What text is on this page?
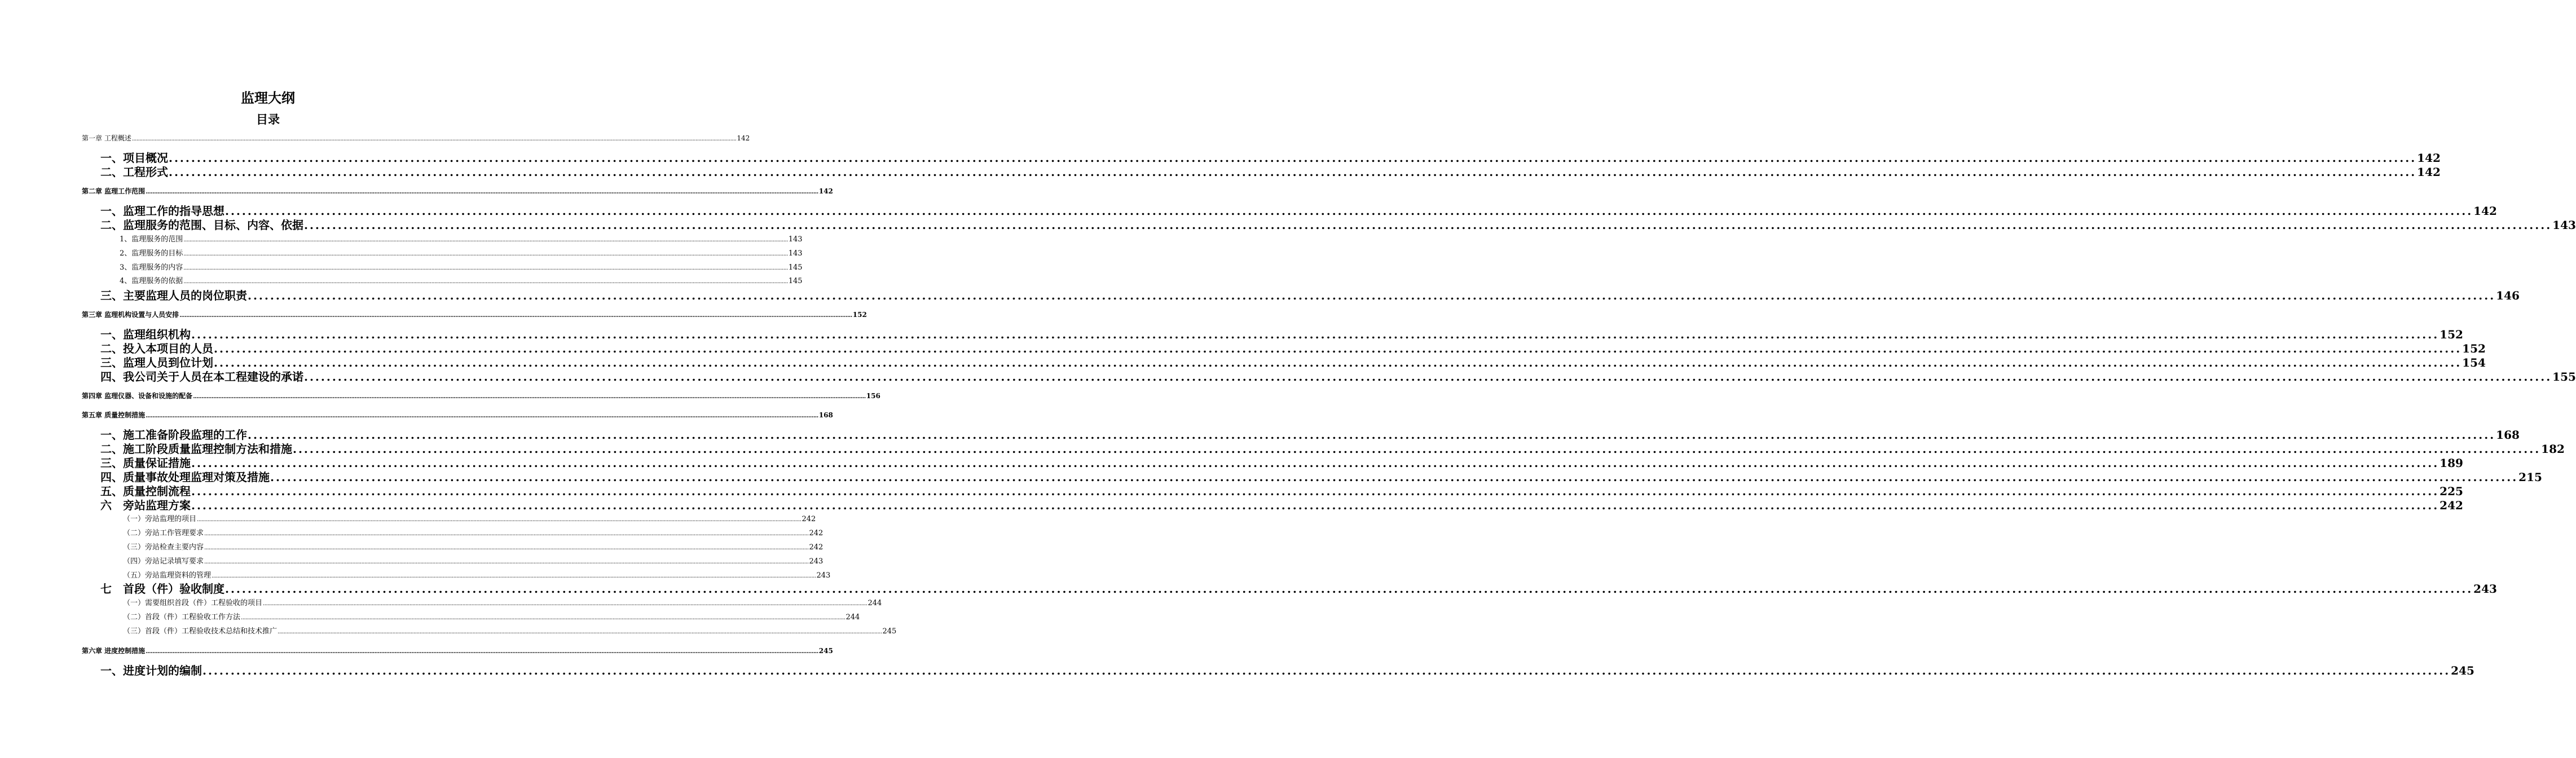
监理大纲
目录
第一章 工程概述 ................................................................................................................................................................................................................................................................................................................................................................................................................ 142
一、项目概况 ................................................................................................................................................................................................................................................................................................................................................................................................................ 142
二、工程形式 ................................................................................................................................................................................................................................................................................................................................................................................................................ 142
第二章 监理工作范围 ................................................................................................................................................................................................................................................................................................................................................................................................................ 142
一、监理工作的指导思想 ................................................................................................................................................................................................................................................................................................................................................................................................................ 142
二、监理服务的范围、目标、内容、依据 ................................................................................................................................................................................................................................................................................................................................................................................................................ 143
1、监理服务的范围 ................................................................................................................................................................................................................................................................................................................................................................................................................ 143
2、监理服务的目标 ................................................................................................................................................................................................................................................................................................................................................................................................................ 143
3、监理服务的内容 ................................................................................................................................................................................................................................................................................................................................................................................................................ 145
4、监理服务的依据 ................................................................................................................................................................................................................................................................................................................................................................................................................ 145
三、主要监理人员的岗位职责 ................................................................................................................................................................................................................................................................................................................................................................................................................ 146
第三章 监理机构设置与人员安排 ................................................................................................................................................................................................................................................................................................................................................................................................................ 152
一、监理组织机构 ................................................................................................................................................................................................................................................................................................................................................................................................................ 152
二、投入本项目的人员 ................................................................................................................................................................................................................................................................................................................................................................................................................ 152
三、监理人员到位计划 ................................................................................................................................................................................................................................................................................................................................................................................................................ 154
四、我公司关于人员在本工程建设的承诺 ................................................................................................................................................................................................................................................................................................................................................................................................................ 155
第四章 监理仪器、设备和设施的配备 ................................................................................................................................................................................................................................................................................................................................................................................................................ 156
第五章 质量控制措施 ................................................................................................................................................................................................................................................................................................................................................................................................................ 168
一、施工准备阶段监理的工作 ................................................................................................................................................................................................................................................................................................................................................................................................................ 168
二、施工阶段质量监理控制方法和措施 ................................................................................................................................................................................................................................................................................................................................................................................................................ 182
三、质量保证措施 ................................................................................................................................................................................................................................................................................................................................................................................................................ 189
四、质量事故处理监理对策及措施 ................................................................................................................................................................................................................................................................................................................................................................................................................ 215
五、质量控制流程 ................................................................................................................................................................................................................................................................................................................................................................................................................ 225
六　旁站监理方案 ................................................................................................................................................................................................................................................................................................................................................................................................................ 242
（一）旁站监理的项目 ................................................................................................................................................................................................................................................................................................................................................................................................................ 242
（二）旁站工作管理要求 ................................................................................................................................................................................................................................................................................................................................................................................................................ 242
（三）旁站检查主要内容 ................................................................................................................................................................................................................................................................................................................................................................................................................ 242
（四）旁站记录填写要求 ................................................................................................................................................................................................................................................................................................................................................................................................................ 243
（五）旁站监理资料的管理 ................................................................................................................................................................................................................................................................................................................................................................................................................ 243
七　首段（件）验收制度 ................................................................................................................................................................................................................................................................................................................................................................................................................ 243
（一）需要组织首段（件）工程验收的项目 ................................................................................................................................................................................................................................................................................................................................................................................................................ 244
（二）首段（件）工程验收工作方法 ................................................................................................................................................................................................................................................................................................................................................................................................................ 244
（三）首段（件）工程验收技术总结和技术推广 ................................................................................................................................................................................................................................................................................................................................................................................................................ 245
第六章 进度控制措施 ................................................................................................................................................................................................................................................................................................................................................................................................................ 245
一、进度计划的编制 ................................................................................................................................................................................................................................................................................................................................................................................................................ 245
